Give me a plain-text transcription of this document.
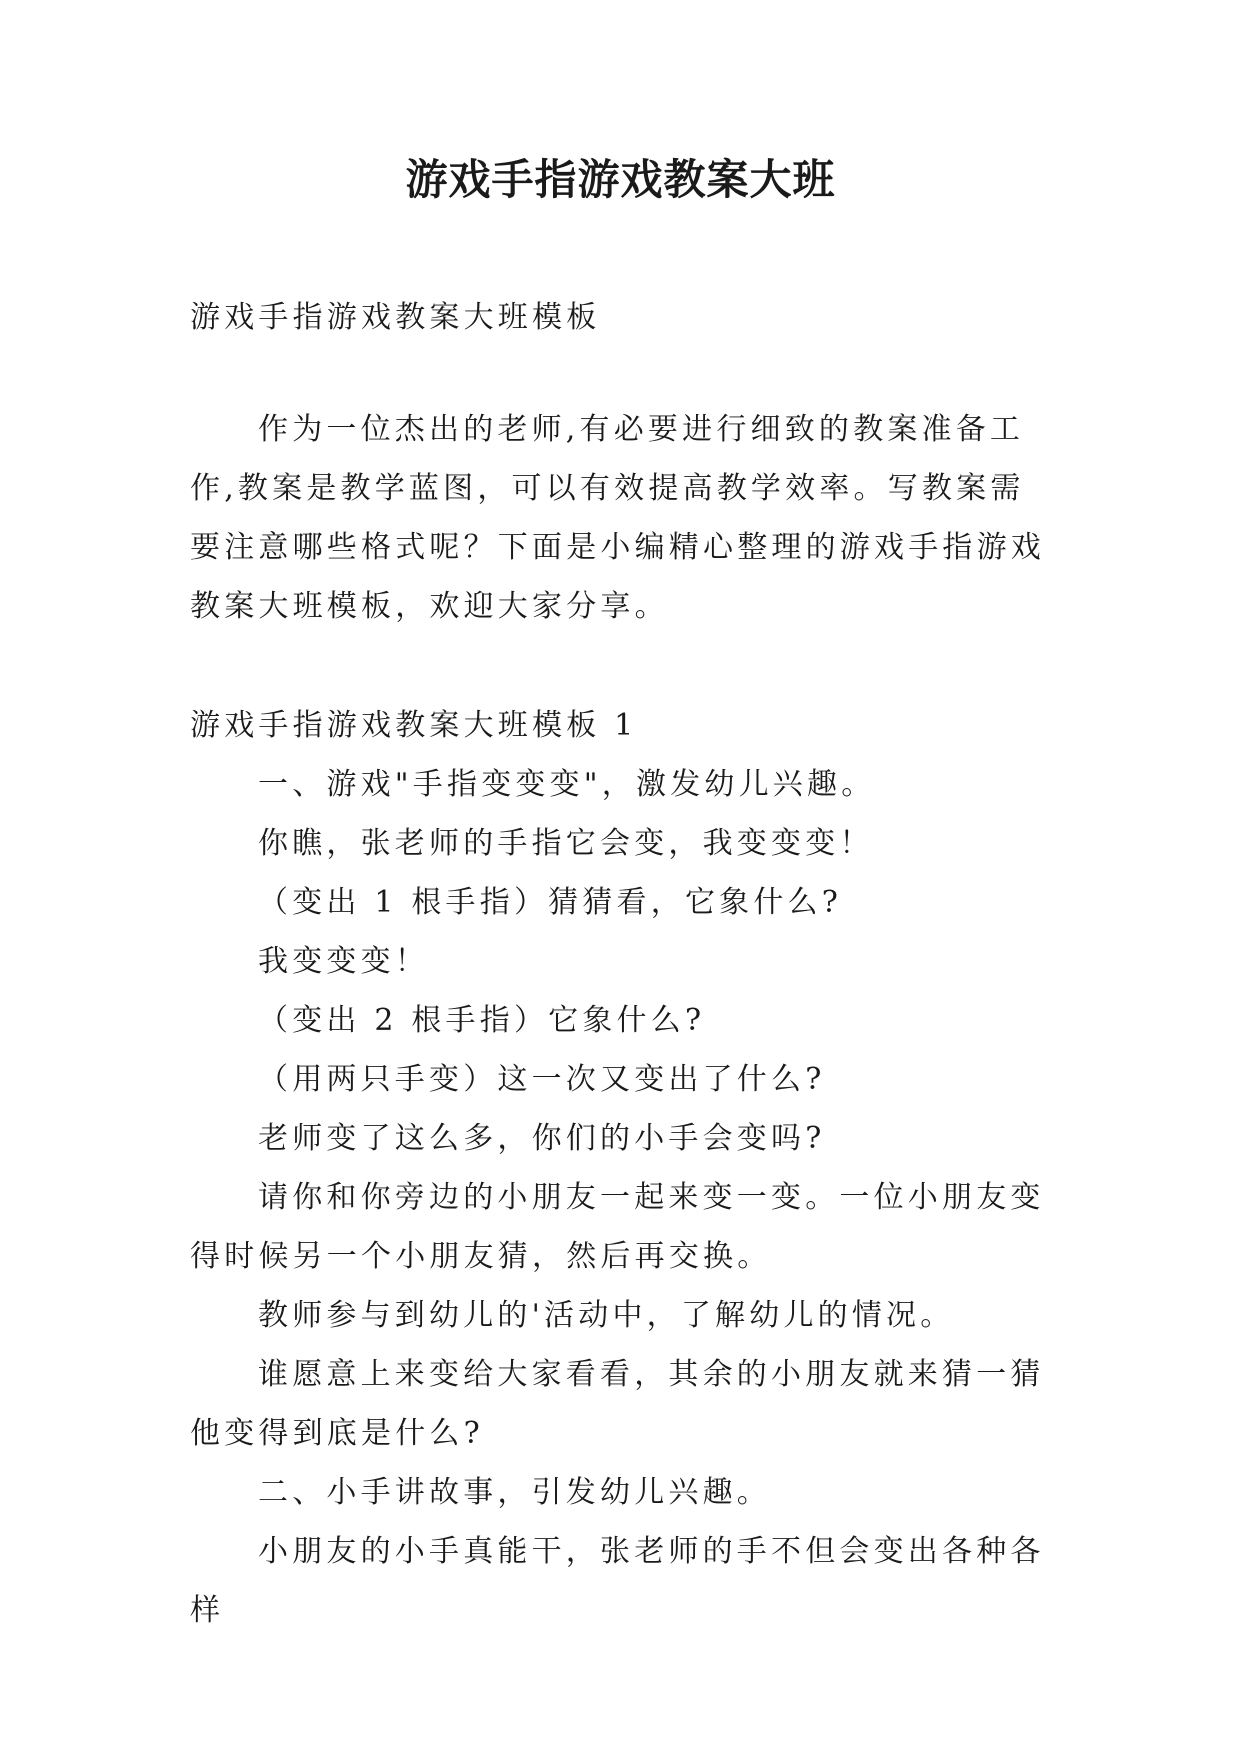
游戏手指游戏教案大班

游戏手指游戏教案大班模板

作为一位杰出的老师,有必要进行细致的教案准备工作,教案是教学蓝图，可以有效提高教学效率。写教案需要注意哪些格式呢？下面是小编精心整理的游戏手指游戏教案大班模板，欢迎大家分享。

游戏手指游戏教案大班模板 1

一、游戏"手指变变变"，激发幼儿兴趣。

你瞧，张老师的手指它会变，我变变变！

（变出 1 根手指）猜猜看，它象什么?

我变变变！

（变出 2 根手指）它象什么?

（用两只手变）这一次又变出了什么?

老师变了这么多，你们的小手会变吗?

请你和你旁边的小朋友一起来变一变。一位小朋友变得时候另一个小朋友猜，然后再交换。

教师参与到幼儿的'活动中，了解幼儿的情况。

谁愿意上来变给大家看看，其余的小朋友就来猜一猜他变得到底是什么?

二、小手讲故事，引发幼儿兴趣。

小朋友的小手真能干，张老师的手不但会变出各种各样
